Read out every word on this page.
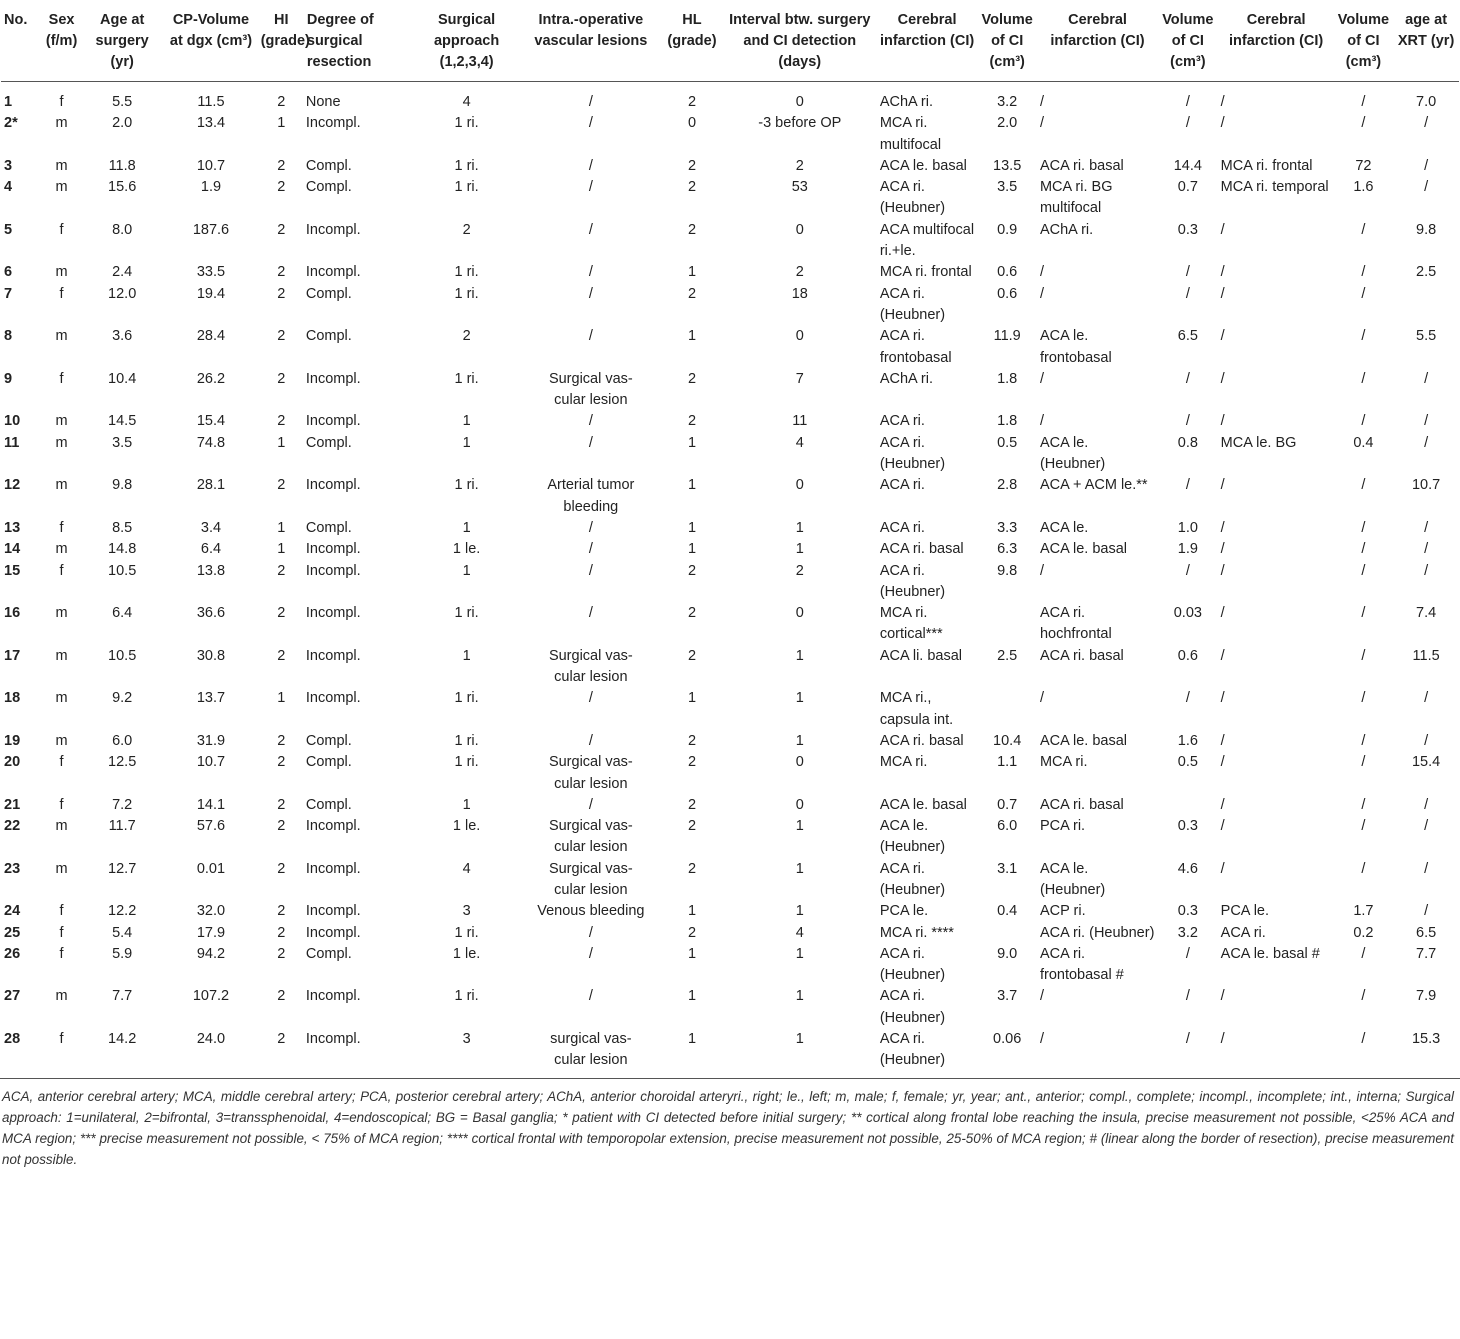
No.	Sex (f/m)	Age at surgery (yr)	CP-Volume at dgx (cm³)	HI (grade)	Degree of surgical resection	Surgical approach (1,2,3,4)	Intra.-operative vascular lesions	HL (grade)	Interval btw. surgery and CI detection (days)	Cerebral infarction (CI)	Volume of CI (cm³)	Cerebral infarction (CI)	Volume of CI (cm³)	Cerebral infarction (CI)	Volume of CI (cm³)	age at XRT (yr)
1	f	5.5	11.5	2	None	4	/	2	0	AChA ri.	3.2	/	/	/	/	7.0
2*	m	2.0	13.4	1	Incompl.	1 ri.	/	0	-3 before OP	MCA ri. multifocal	2.0	/	/	/	/	/
3	m	11.8	10.7	2	Compl.	1 ri.	/	2	2	ACA le. basal	13.5	ACA ri. basal	14.4	MCA ri. frontal	72	/
4	m	15.6	1.9	2	Compl.	1 ri.	/	2	53	ACA ri. (Heubner)	3.5	MCA ri. BG multifocal	0.7	MCA ri. temporal	1.6	/
5	f	8.0	187.6	2	Incompl.	2	/	2	0	ACA multifocal ri.+le.	0.9	AChA ri.	0.3	/	/	9.8
6	m	2.4	33.5	2	Incompl.	1 ri.	/	1	2	MCA ri. frontal	0.6	/	/	/	/	2.5
7	f	12.0	19.4	2	Compl.	1 ri.	/	2	18	ACA ri. (Heubner)	0.6	/	/	/	/	
8	m	3.6	28.4	2	Compl.	2	/	1	0	ACA ri. frontobasal	11.9	ACA le. frontobasal	6.5	/	/	5.5
9	f	10.4	26.2	2	Incompl.	1 ri.	Surgical vas-
cular lesion	2	7	AChA ri.	1.8	/	/	/	/	/
10	m	14.5	15.4	2	Incompl.	1	/	2	11	ACA ri.	1.8	/	/	/	/	/
11	m	3.5	74.8	1	Compl.	1	/	1	4	ACA ri. (Heubner)	0.5	ACA le. (Heubner)	0.8	MCA le. BG	0.4	/
12	m	9.8	28.1	2	Incompl.	1 ri.	Arterial tumor bleeding	1	0	ACA ri.	2.8	ACA + ACM le.**	/	/	/	10.7
13	f	8.5	3.4	1	Compl.	1	/	1	1	ACA ri.	3.3	ACA le.	1.0	/	/	/
14	m	14.8	6.4	1	Incompl.	1 le.	/	1	1	ACA ri. basal	6.3	ACA le. basal	1.9	/	/	/
15	f	10.5	13.8	2	Incompl.	1	/	2	2	ACA ri. (Heubner)	9.8	/	/	/	/	/
16	m	6.4	36.6	2	Incompl.	1 ri.	/	2	0	MCA ri. cortical***		ACA ri. hochfrontal	0.03	/	/	7.4
17	m	10.5	30.8	2	Incompl.	1	Surgical vas-
cular lesion	2	1	ACA li. basal	2.5	ACA ri. basal	0.6	/	/	11.5
18	m	9.2	13.7	1	Incompl.	1 ri.	/	1	1	MCA ri., capsula int.		/	/	/	/	/
19	m	6.0	31.9	2	Compl.	1 ri.	/	2	1	ACA ri. basal	10.4	ACA le. basal	1.6	/	/	/
20	f	12.5	10.7	2	Compl.	1 ri.	Surgical vas-
cular lesion	2	0	MCA ri.	1.1	MCA ri.	0.5	/	/	15.4
21	f	7.2	14.1	2	Compl.	1	/	2	0	ACA le. basal	0.7	ACA ri. basal		/	/	/
22	m	11.7	57.6	2	Incompl.	1 le.	Surgical vas-
cular lesion	2	1	ACA le. (Heubner)	6.0	PCA ri.	0.3	/	/	/
23	m	12.7	0.01	2	Incompl.	4	Surgical vas-
cular lesion	2	1	ACA ri. (Heubner)	3.1	ACA le. (Heubner)	4.6	/	/	/
24	f	12.2	32.0	2	Incompl.	3	Venous bleeding	1	1	PCA le.	0.4	ACP ri.	0.3	PCA le.	1.7	/
25	f	5.4	17.9	2	Incompl.	1 ri.	/	2	4	MCA ri. ****		ACA ri. (Heubner)	3.2	ACA ri.	0.2	6.5
26	f	5.9	94.2	2	Compl.	1 le.	/	1	1	ACA ri. (Heubner)	9.0	ACA ri. frontobasal #	/	ACA le. basal #	/	7.7
27	m	7.7	107.2	2	Incompl.	1 ri.	/	1	1	ACA ri. (Heubner)	3.7	/	/	/	/	7.9
28	f	14.2	24.0	2	Incompl.	3	surgical vas-
cular lesion	1	1	ACA ri. (Heubner)	0.06	/	/	/	/	15.3
ACA, anterior cerebral artery; MCA, middle cerebral artery; PCA, posterior cerebral artery; AChA, anterior choroidal arteryri., right; le., left; m, male; f, female; yr, year; ant., anterior; compl., complete; incompl., incomplete; int., interna; Surgical approach: 1=unilateral, 2=bifrontal, 3=transsphenoidal, 4=endoscopical; BG = Basal ganglia; * patient with CI detected before initial surgery; ** cortical along frontal lobe reaching the insula, precise measurement not possible, <25% ACA and MCA region; *** precise measurement not possible, < 75% of MCA region; **** cortical frontal with temporopolar extension, precise measurement not possible, 25-50% of MCA region; # (linear along the border of resection), precise measurement not possible.
